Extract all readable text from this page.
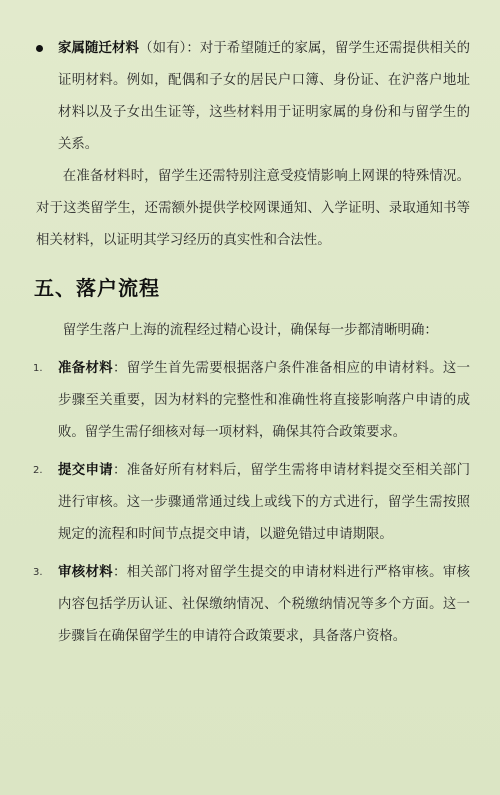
家属随迁材料（如有）：对于希望随迁的家属，留学生还需提供相关的证明材料。例如，配偶和子女的居民户口簿、身份证、在沪落户地址材料以及子女出生证等，这些材料用于证明家属的身份和与留学生的关系。

在准备材料时，留学生还需特别注意受疫情影响上网课的特殊情况。对于这类留学生，还需额外提供学校网课通知、入学证明、录取通知书等相关材料，以证明其学习经历的真实性和合法性。

五、落户流程

留学生落户上海的流程经过精心设计，确保每一步都清晰明确：

1. 准备材料：留学生首先需要根据落户条件准备相应的申请材料。这一步骤至关重要，因为材料的完整性和准确性将直接影响落户申请的成败。留学生需仔细核对每一项材料，确保其符合政策要求。

2. 提交申请：准备好所有材料后，留学生需将申请材料提交至相关部门进行审核。这一步骤通常通过线上或线下的方式进行，留学生需按照规定的流程和时间节点提交申请，以避免错过申请期限。

3. 审核材料：相关部门将对留学生提交的申请材料进行严格审核。审核内容包括学历认证、社保缴纳情况、个税缴纳情况等多个方面。这一步骤旨在确保留学生的申请符合政策要求，具备落户资格。
